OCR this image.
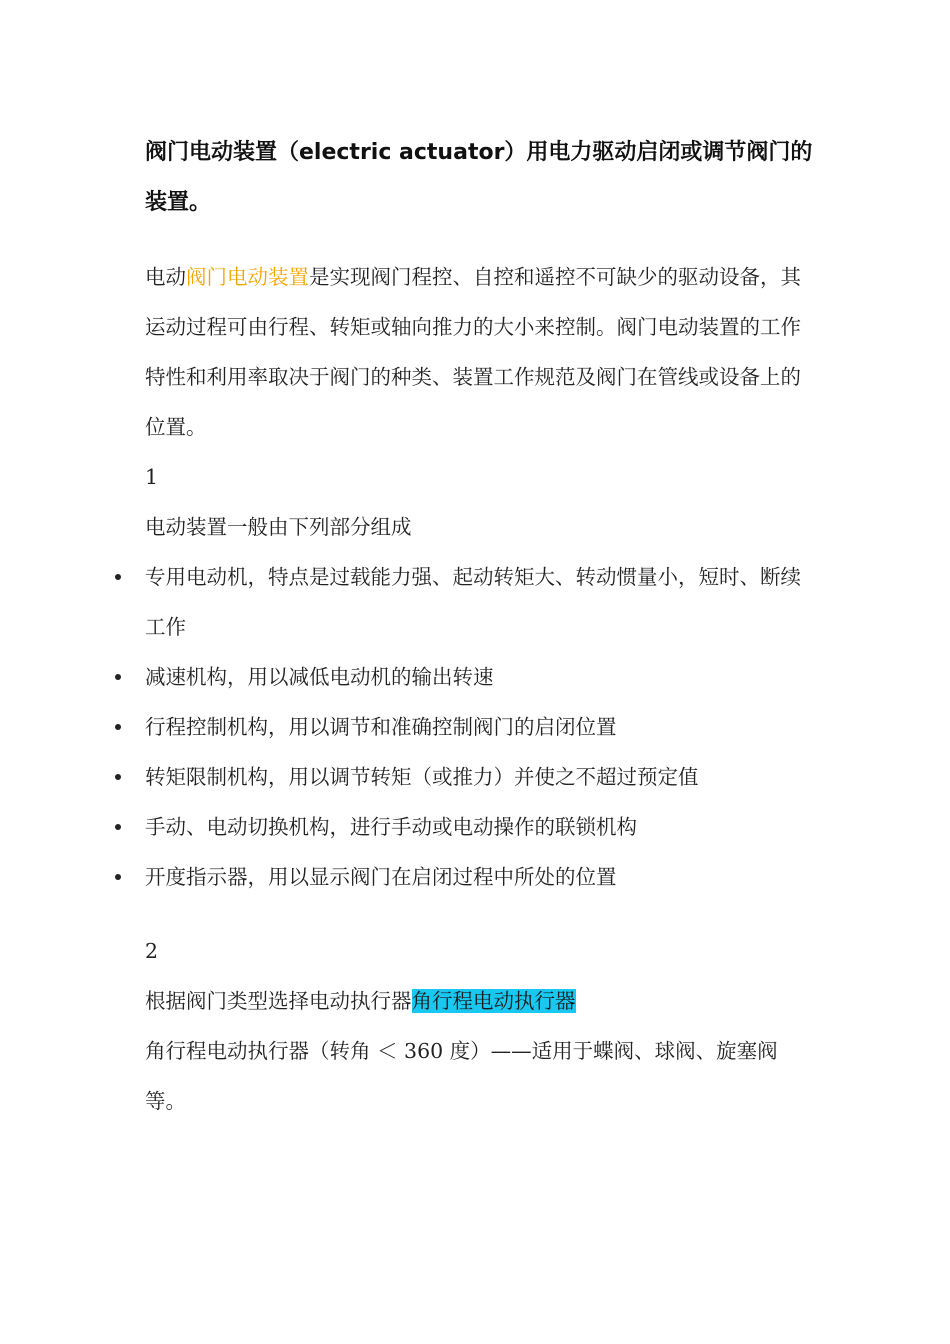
阀门电动装置（electric actuator）用电力驱动启闭或调节阀门的装置。

电动阀门电动装置是实现阀门程控、自控和遥控不可缺少的驱动设备，其运动过程可由行程、转矩或轴向推力的大小来控制。阀门电动装置的工作特性和利用率取决于阀门的种类、装置工作规范及阀门在管线或设备上的位置。

1

电动装置一般由下列部分组成

专用电动机，特点是过载能力强、起动转矩大、转动惯量小，短时、断续工作
减速机构，用以减低电动机的输出转速
行程控制机构，用以调节和准确控制阀门的启闭位置
转矩限制机构，用以调节转矩（或推力）并使之不超过预定值
手动、电动切换机构，进行手动或电动操作的联锁机构
开度指示器，用以显示阀门在启闭过程中所处的位置

2

根据阀门类型选择电动执行器角行程电动执行器

角行程电动执行器（转角 ＜ 360 度）——适用于蝶阀、球阀、旋塞阀等。
